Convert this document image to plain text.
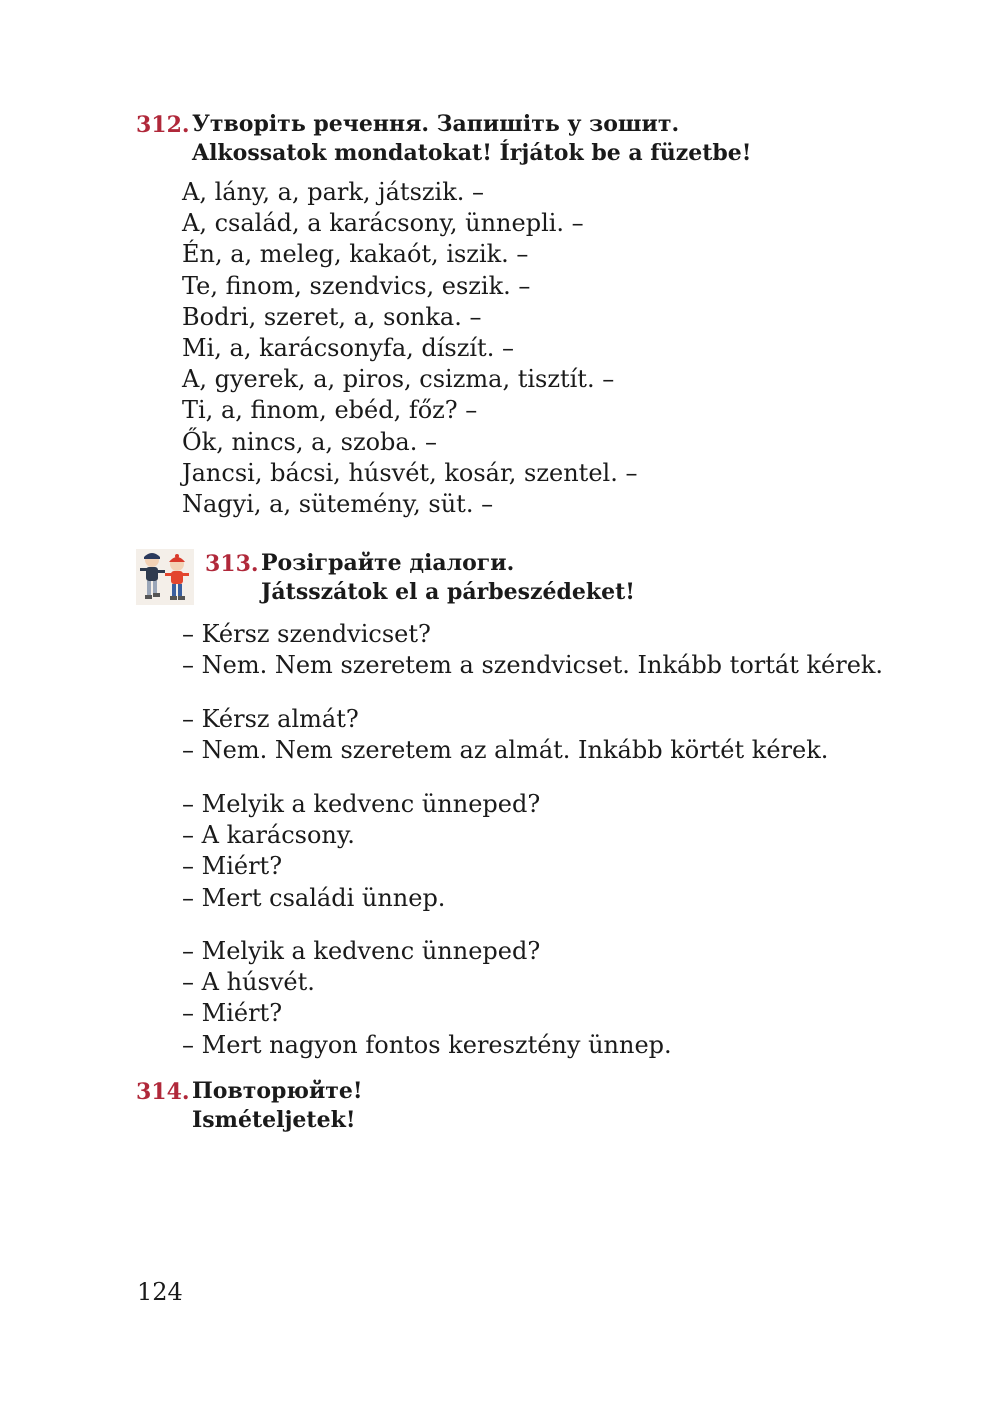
312. Утворіть речення. Запишіть у зошит.
Alkossatok mondatokat! Írjátok be a füzetbe!
A, lány, a, park, játszik. –
A, család, a karácsony, ünnepli. –
Én, a, meleg, kakaót, iszik. –
Te, finom, szendvics, eszik. –
Bodri, szeret, a, sonka. –
Mi, a, karácsonyfa, díszít. –
A, gyerek, a, piros, csizma, tisztít. –
Ti, a, finom, ebéd, főz? –
Ők, nincs, a, szoba. –
Jancsi, bácsi, húsvét, kosár, szentel. –
Nagyi, a, sütemény, süt. –
313. Розіграйте діалоги.
Játsszátok el a párbeszédeket!
– Kérsz szendvicset?
– Nem. Nem szeretem a szendvicset. Inkább tortát kérek.
– Kérsz almát?
– Nem. Nem szeretem az almát. Inkább körtét kérek.
– Melyik a kedvenc ünneped?
– A karácsony.
– Miért?
– Mert családi ünnep.
– Melyik a kedvenc ünneped?
– A húsvét.
– Miért?
– Mert nagyon fontos keresztény ünnep.
314. Повторюйте!
Ismételjetek!
124
